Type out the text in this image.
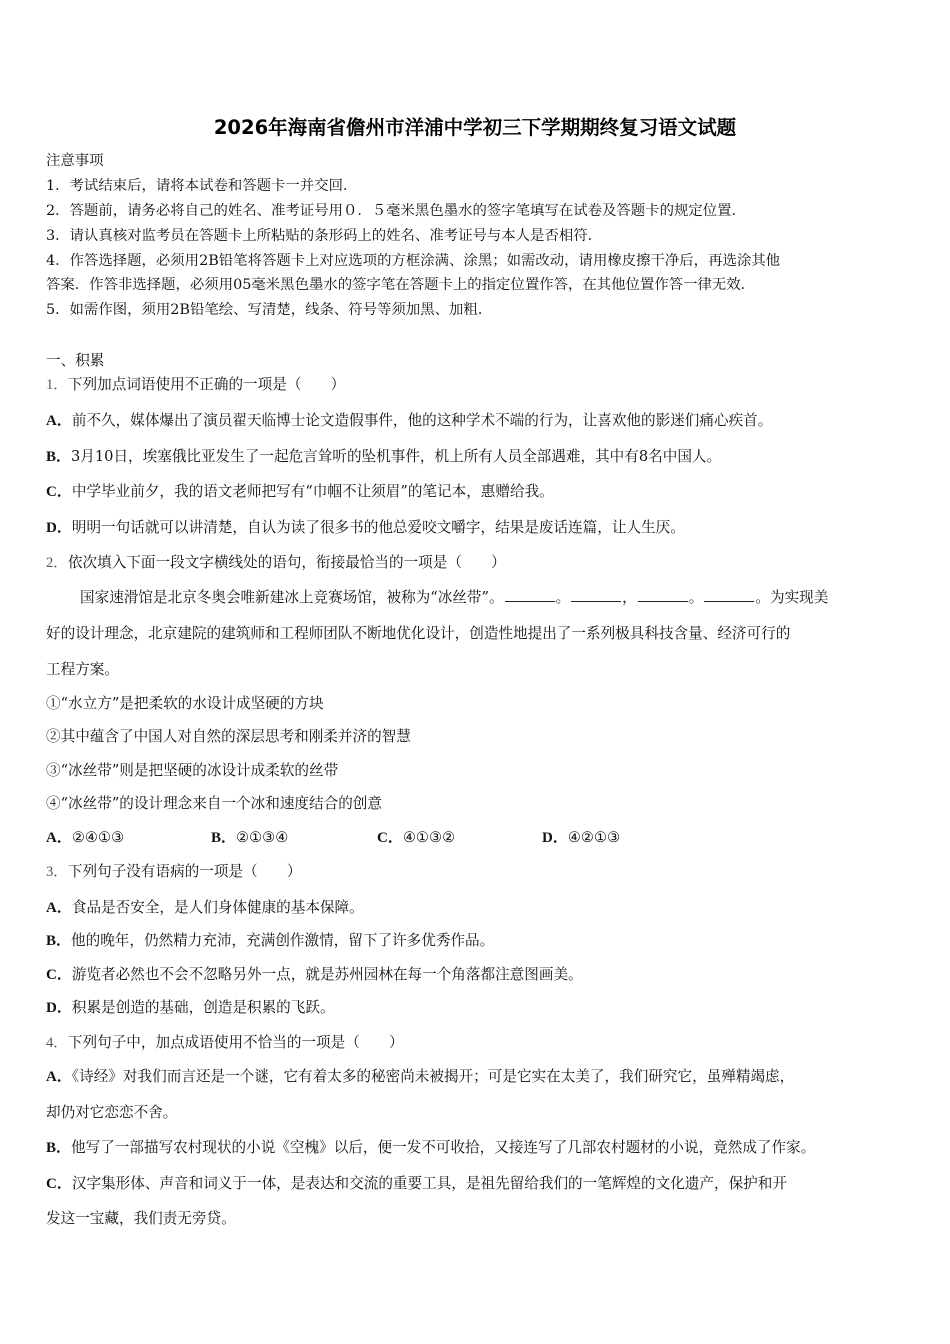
2026年海南省儋州市洋浦中学初三下学期期终复习语文试题
注意事项
1．考试结束后，请将本试卷和答题卡一并交回．
2．答题前，请务必将自己的姓名、准考证号用０．５毫米黑色墨水的签字笔填写在试卷及答题卡的规定位置．
3．请认真核对监考员在答题卡上所粘贴的条形码上的姓名、准考证号与本人是否相符．
4．作答选择题，必须用2B铅笔将答题卡上对应选项的方框涂满、涂黑；如需改动，请用橡皮擦干净后，再选涂其他
答案．作答非选择题，必须用05毫米黑色墨水的签字笔在答题卡上的指定位置作答，在其他位置作答一律无效．
5．如需作图，须用2B铅笔绘、写清楚，线条、符号等须加黑、加粗．
一、积累
1．下列加点词语使用不正确的一项是（　　）
A．前不久，媒体爆出了演员翟天临博士论文造假事件，他的这种学术不端的行为，让喜欢他的影迷们痛心疾首。
B．3月10日，埃塞俄比亚发生了一起危言耸听的坠机事件，机上所有人员全部遇难，其中有8名中国人。
C．中学毕业前夕，我的语文老师把写有“巾帼不让须眉”的笔记本，惠赠给我。
D．明明一句话就可以讲清楚，自认为读了很多书的他总爱咬文嚼字，结果是废话连篇，让人生厌。
2．依次填入下面一段文字横线处的语句，衔接最恰当的一项是（　　）
国家速滑馆是北京冬奥会唯新建冰上竞赛场馆，被称为“冰丝带”。	。	，	。	。为实现美
好的设计理念，北京建院的建筑师和工程师团队不断地优化设计，创造性地提出了一系列极具科技含量、经济可行的
工程方案。
①“水立方”是把柔软的水设计成坚硬的方块
②其中蕴含了中国人对自然的深层思考和刚柔并济的智慧
③“冰丝带”则是把坚硬的冰设计成柔软的丝带
④“冰丝带”的设计理念来自一个冰和速度结合的创意
A．②④①③	B．②①③④	C．④①③②	D．④②①③
3．下列句子没有语病的一项是（　　）
A．食品是否安全，是人们身体健康的基本保障。
B．他的晚年，仍然精力充沛，充满创作激情，留下了许多优秀作品。
C．游览者必然也不会不忽略另外一点，就是苏州园林在每一个角落都注意图画美。
D．积累是创造的基础，创造是积累的飞跃。
4．下列句子中，加点成语使用不恰当的一项是（　　）
A．《诗经》对我们而言还是一个谜，它有着太多的秘密尚未被揭开；可是它实在太美了，我们研究它，虽殚精竭虑，
却仍对它恋恋不舍。
B．他写了一部描写农村现状的小说《空槐》以后，便一发不可收拾，又接连写了几部农村题材的小说，竟然成了作家。
C．汉字集形体、声音和词义于一体，是表达和交流的重要工具，是祖先留给我们的一笔辉煌的文化遗产，保护和开
发这一宝藏，我们责无旁贷。
